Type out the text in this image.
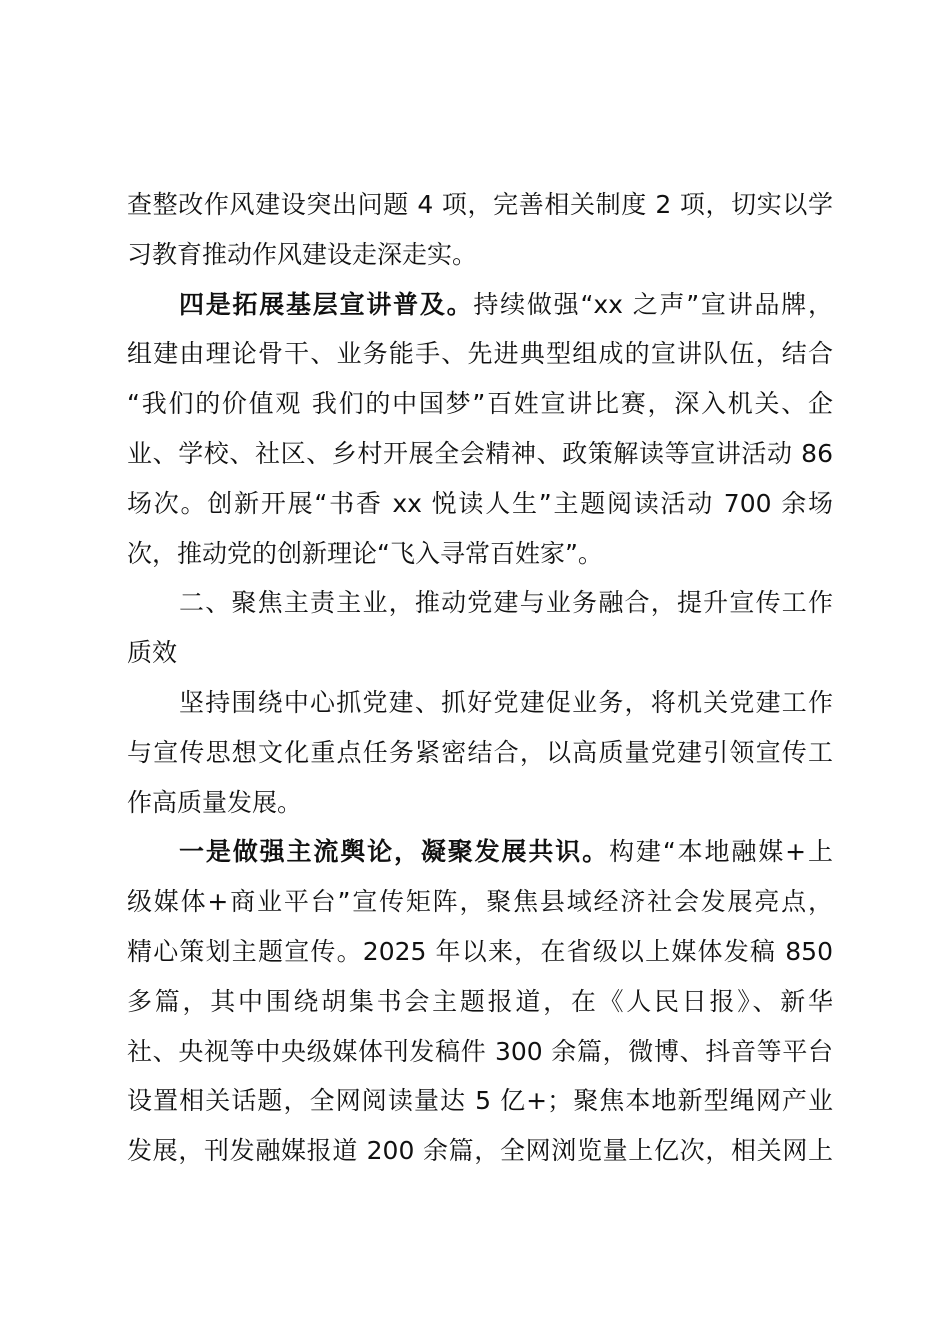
查整改作风建设突出问题 4 项，完善相关制度 2 项，切实以学
习教育推动作风建设走深走实。
四是拓展基层宣讲普及。持续做强“xx 之声”宣讲品牌，
组建由理论骨干、业务能手、先进典型组成的宣讲队伍，结合
“我们的价值观 我们的中国梦”百姓宣讲比赛，深入机关、企
业、学校、社区、乡村开展全会精神、政策解读等宣讲活动 86
场次。创新开展“书香 xx 悦读人生”主题阅读活动 700 余场
次，推动党的创新理论“飞入寻常百姓家”。
二、聚焦主责主业，推动党建与业务融合，提升宣传工作
质效
坚持围绕中心抓党建、抓好党建促业务，将机关党建工作
与宣传思想文化重点任务紧密结合，以高质量党建引领宣传工
作高质量发展。
一是做强主流舆论，凝聚发展共识。构建“本地融媒+上
级媒体+商业平台”宣传矩阵，聚焦县域经济社会发展亮点，
精心策划主题宣传。2025 年以来，在省级以上媒体发稿 850
多篇，其中围绕胡集书会主题报道，在《人民日报》、新华
社、央视等中央级媒体刊发稿件 300 余篇，微博、抖音等平台
设置相关话题，全网阅读量达 5 亿+；聚焦本地新型绳网产业
发展，刊发融媒报道 200 余篇，全网浏览量上亿次，相关网上
